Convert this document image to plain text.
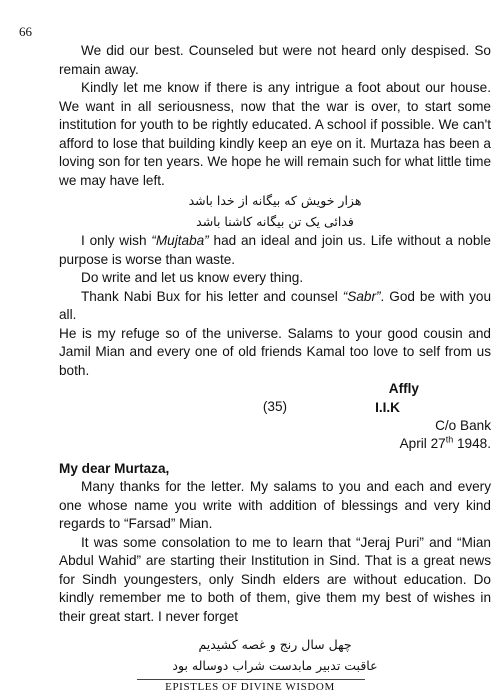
66

We did our best. Counseled but were not heard only despised. So remain away.

Kindly let me know if there is any intrigue a foot about our house. We want in all seriousness, now that the war is over, to start some institution for youth to be rightly educated. A school if possible. We can't afford to lose that building kindly keep an eye on it. Murtaza has been a loving son for ten years. We hope he will remain such for what little time we may have left.

هزار خویش که بیگانه از خدا باشد

فدائی یک تن بیگانه کاشنا باشد

I only wish “Mujtaba” had an ideal and join us. Life without a noble purpose is worse than waste.

Do write and let us know every thing.

Thank Nabi Bux for his letter and counsel “Sabr”. God be with you all.

He is my refuge so of the universe. Salams to your good cousin and Jamil Mian and every one of old friends Kamal too love to self from us both.

Affly

I.I.K

(35)

C/o Bank

April 27th 1948.

My dear Murtaza,

Many thanks for the letter. My salams to you and each and every one whose name you write with addition of blessings and very kind regards to “Farsad” Mian.

It was some consolation to me to learn that “Jeraj Puri” and “Mian Abdul Wahid” are starting their Institution in Sind. That is a great news for Sindh youngesters, only Sindh elders are without education. Do kindly remember me to both of them, give them my best of wishes in their great start. I never forget

چهل سال رنج و غصه کشیدیم

عاقبت تدبیر مابدست شراب دوساله بود

EPISTLES OF DIVINE WISDOM
